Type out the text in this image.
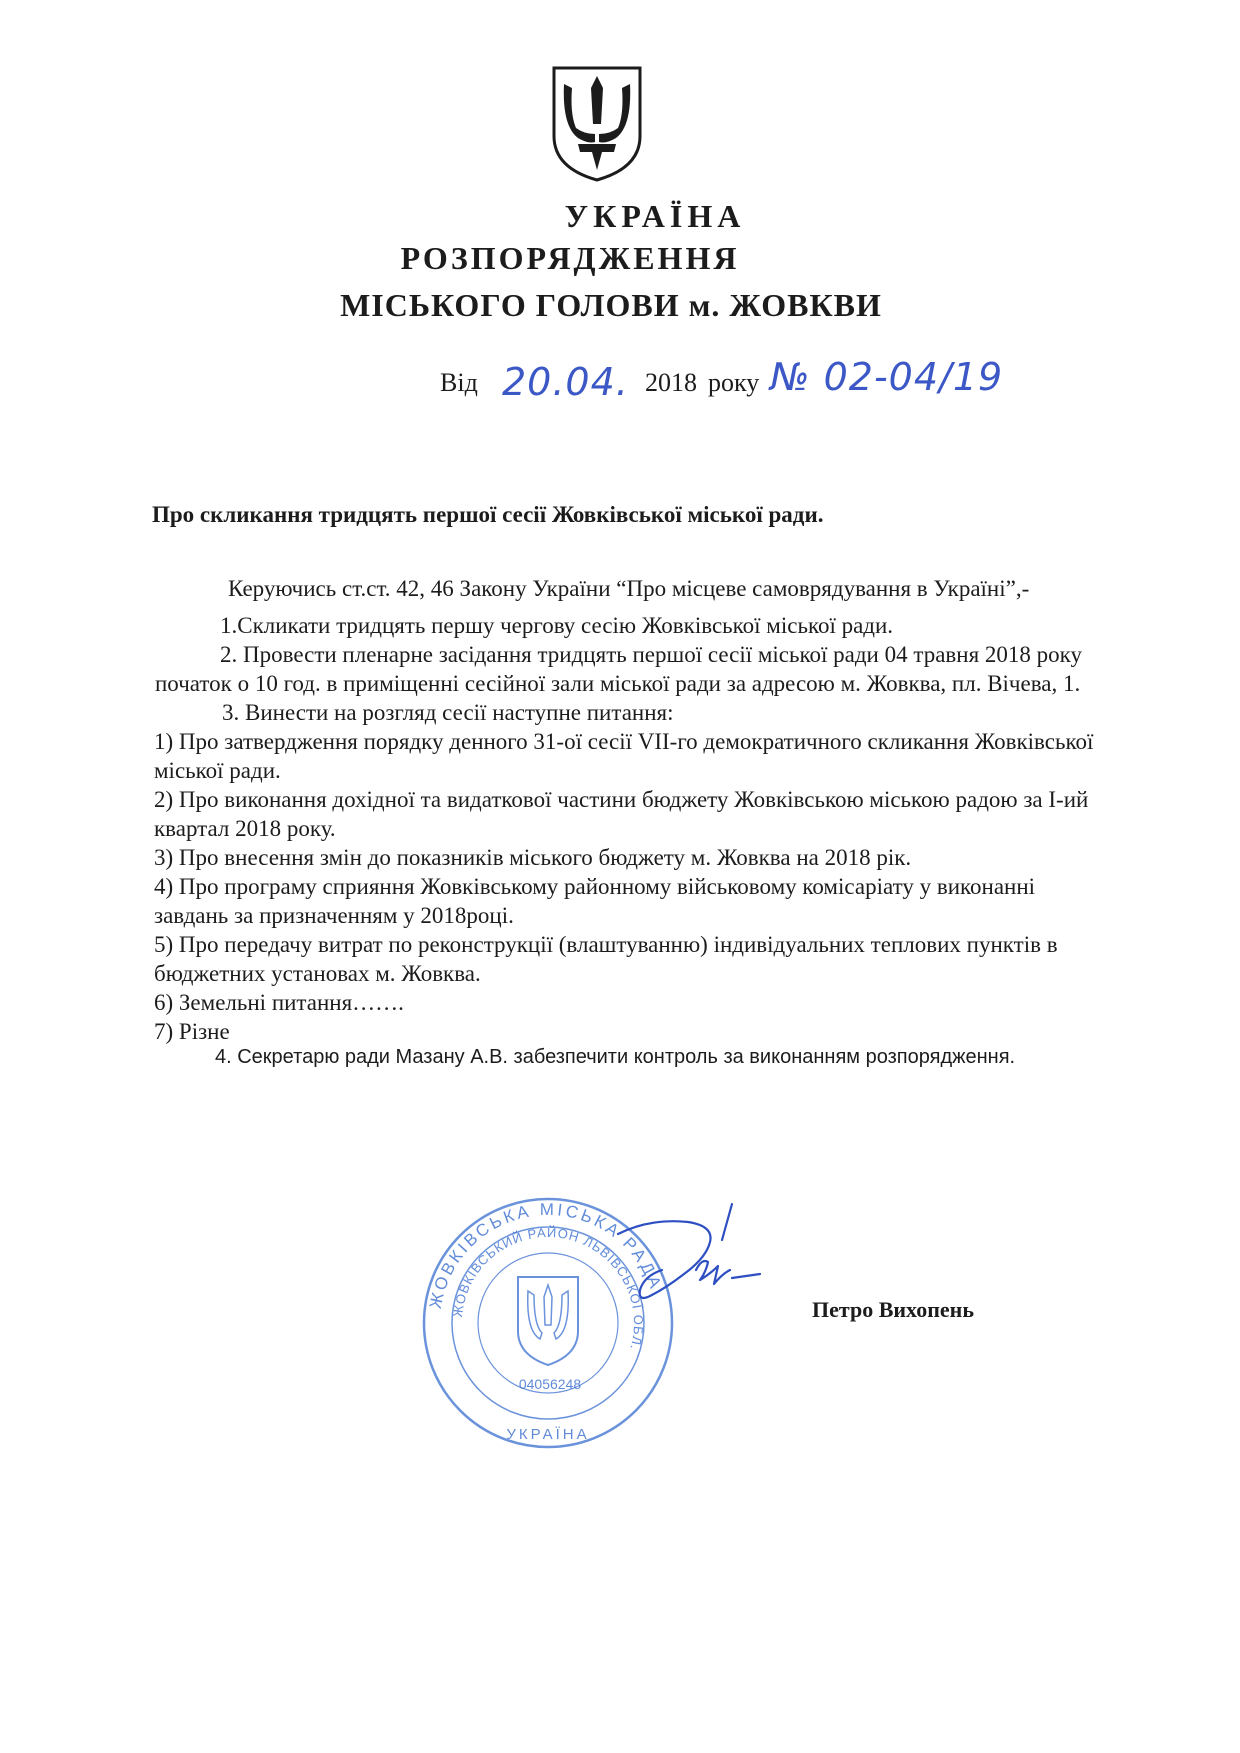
УКРАЇНА
РОЗПОРЯДЖЕННЯ
МІСЬКОГО ГОЛОВИ м. ЖОВКВИ
Від 20.04. 2018 року № 02-04/19
Про скликання тридцять першої сесії Жовківської міської ради.
Керуючись ст.ст. 42, 46 Закону України “Про місцеве самоврядування в Україні”,-
1.Скликати тридцять першу чергову сесію Жовківської міської ради.
2. Провести пленарне засідання тридцять першої сесії міської ради 04 травня 2018 року
початок о 10 год. в приміщенні сесійної зали міської ради за адресою м. Жовква, пл. Вічева, 1.
3. Винести на розгляд сесії наступне питання:

1) Про затвердження порядку денного 31-ої сесії VII-го демократичного скликання Жовківської

міської ради.

2) Про виконання дохідної та видаткової частини бюджету Жовківською міською радою за І-ий

квартал 2018 року.

3) Про внесення змін до показників міського бюджету м. Жовква на 2018 рік.

4) Про програму сприяння Жовківському районному військовому комісаріату у виконанні

завдань за призначенням у 2018році.

5) Про передачу витрат по реконструкції (влаштуванню) індивідуальних теплових пунктів в

бюджетних установах м. Жовква.

6) Земельні питання…….

7) Різне

4. Секретарю ради Мазану А.В. забезпечити контроль за виконанням розпорядження.
ЖОВКІВСЬКА МІСЬКА РАДА
ЖОВКІВСЬКИЙ РАЙОН ЛЬВІВСЬКОЇ ОБЛ.
04056248
УКРАЇНА
Петро Вихопень
